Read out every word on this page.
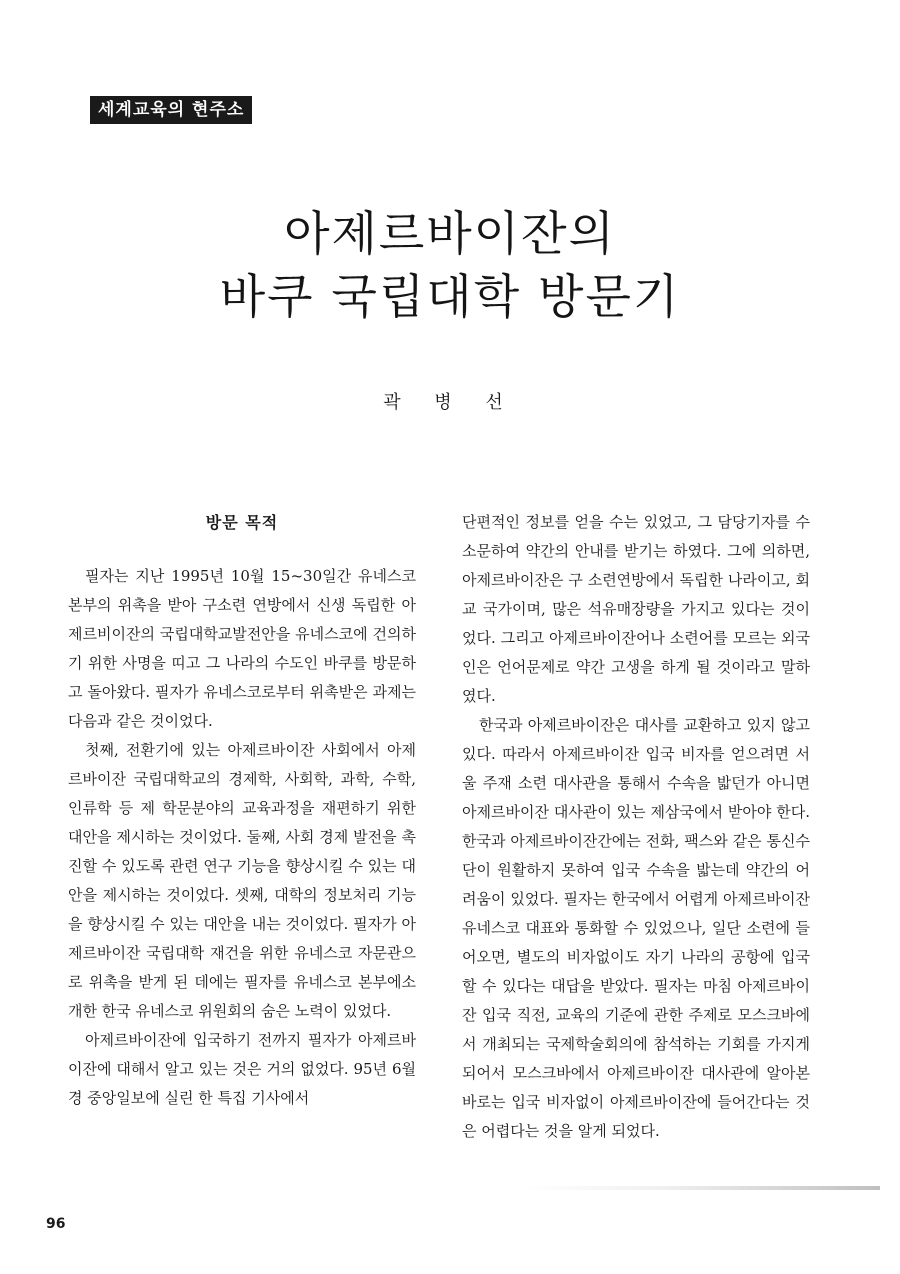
세계교육의 현주소
아제르바이잔의
바쿠 국립대학 방문기
곽 병 선
방문 목적

필자는 지난 1995년 10월 15~30일간 유네스코 본부의 위촉을 받아 구소련 연방에서 신생 독립한 아제르비이잔의 국립대학교발전안을 유네스코에 건의하기 위한 사명을 띠고 그 나라의 수도인 바쿠를 방문하고 돌아왔다. 필자가 유네스코로부터 위촉받은 과제는 다음과 같은 것이었다.

첫째, 전환기에 있는 아제르바이잔 사회에서 아제르바이잔 국립대학교의 경제학, 사회학, 과학, 수학, 인류학 등 제 학문분야의 교육과정을 재편하기 위한 대안을 제시하는 것이었다. 둘째, 사회 경제 발전을 촉진할 수 있도록 관련 연구 기능을 향상시킬 수 있는 대안을 제시하는 것이었다. 셋째, 대학의 정보처리 기능을 향상시킬 수 있는 대안을 내는 것이었다. 필자가 아제르바이잔 국립대학 재건을 위한 유네스코 자문관으로 위촉을 받게 된 데에는 필자를 유네스코 본부에소개한 한국 유네스코 위원회의 숨은 노력이 있었다.

아제르바이잔에 입국하기 전까지 필자가 아제르바이잔에 대해서 알고 있는 것은 거의 없었다. 95년 6월 경 중앙일보에 실린 한 특집 기사에서

단편적인 정보를 얻을 수는 있었고, 그 담당기자를 수소문하여 약간의 안내를 받기는 하였다. 그에 의하면, 아제르바이잔은 구 소련연방에서 독립한 나라이고, 회교 국가이며, 많은 석유매장량을 가지고 있다는 것이었다. 그리고 아제르바이잔어나 소련어를 모르는 외국인은 언어문제로 약간 고생을 하게 될 것이라고 말하였다.

한국과 아제르바이잔은 대사를 교환하고 있지 않고 있다. 따라서 아제르바이잔 입국 비자를 얻으려면 서울 주재 소련 대사관을 통해서 수속을 밟던가 아니면 아제르바이잔 대사관이 있는 제삼국에서 받아야 한다. 한국과 아제르바이잔간에는 전화, 팩스와 같은 통신수단이 원활하지 못하여 입국 수속을 밟는데 약간의 어려움이 있었다. 필자는 한국에서 어렵게 아제르바이잔 유네스코 대표와 통화할 수 있었으나, 일단 소련에 들어오면, 별도의 비자없이도 자기 나라의 공항에 입국할 수 있다는 대답을 받았다. 필자는 마침 아제르바이잔 입국 직전, 교육의 기준에 관한 주제로 모스크바에서 개최되는 국제학술회의에 참석하는 기회를 가지게 되어서 모스크바에서 아제르바이잔 대사관에 알아본 바로는 입국 비자없이 아제르바이잔에 들어간다는 것은 어렵다는 것을 알게 되었다.

96
